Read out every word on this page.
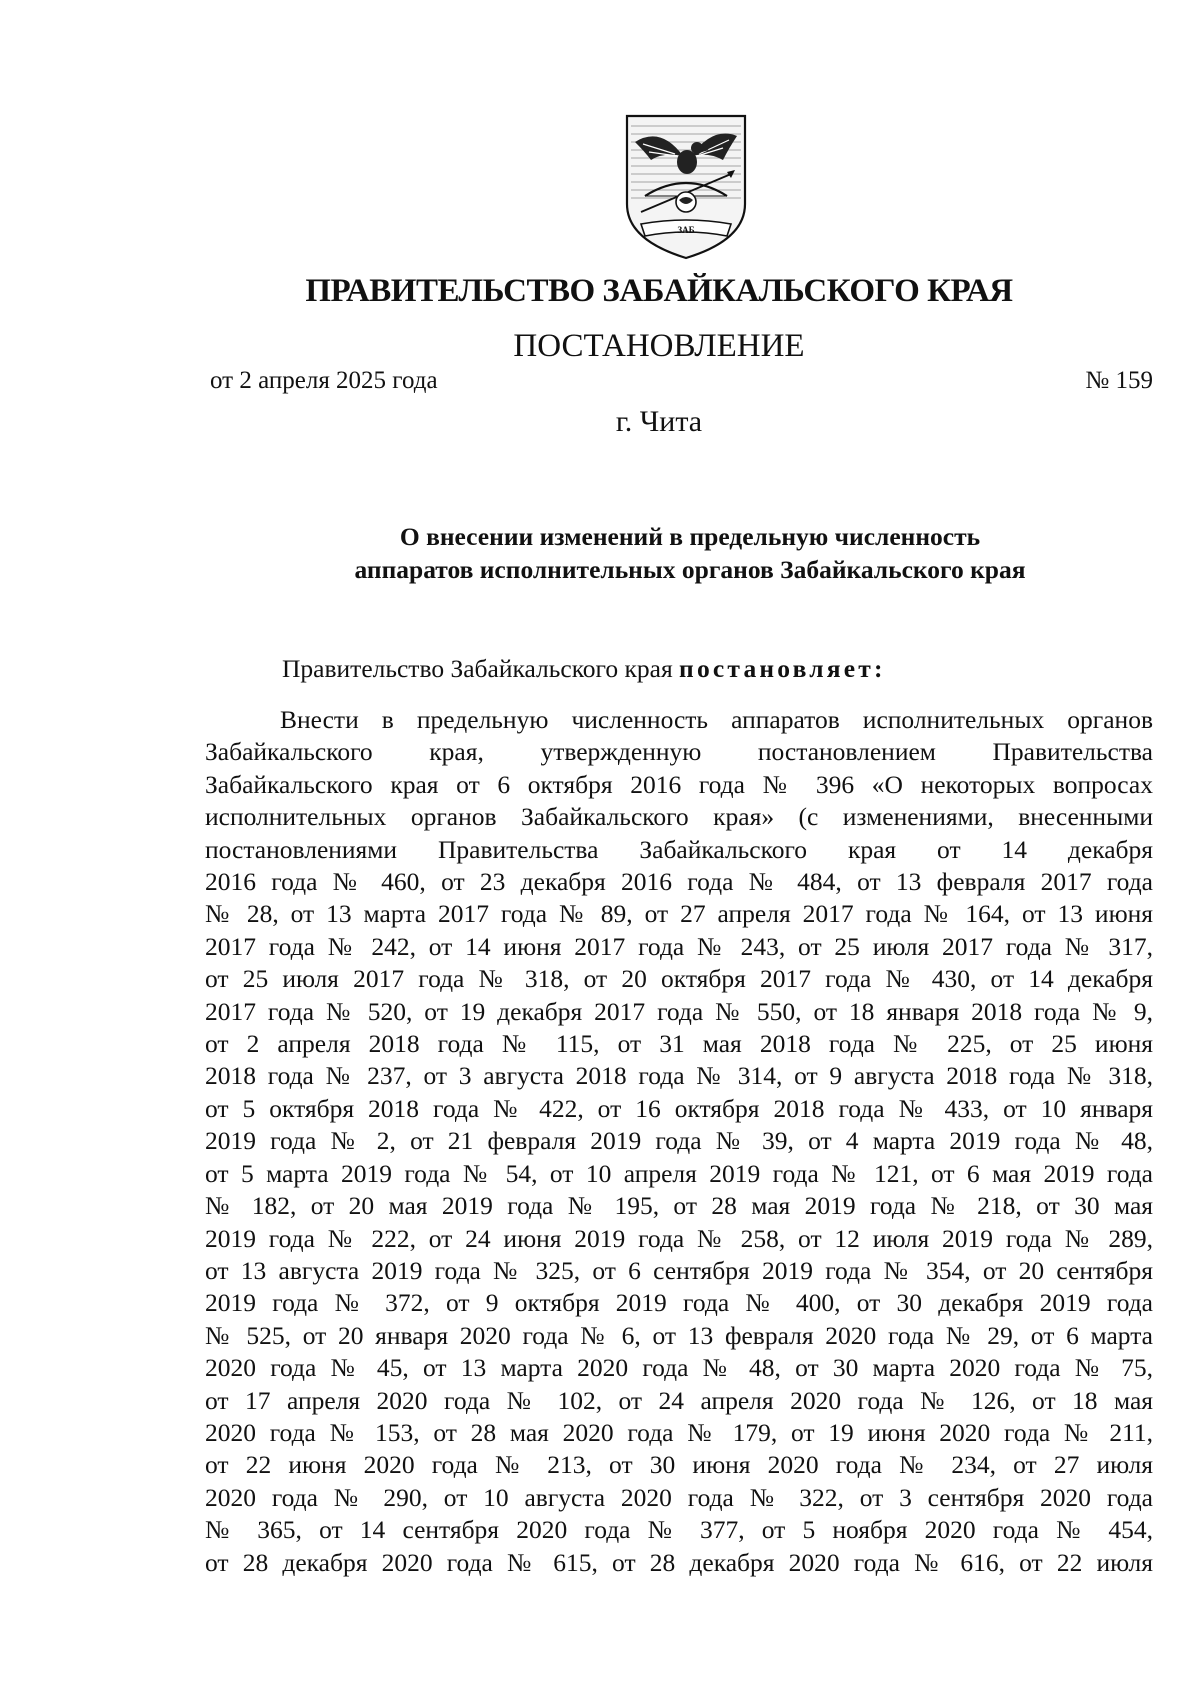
ЗАБ
ПРАВИТЕЛЬСТВО ЗАБАЙКАЛЬСКОГО КРАЯ
ПОСТАНОВЛЕНИЕ
от 2 апреля 2025 года	№ 159
г. Чита
О внесении изменений в предельную численность
аппаратов исполнительных органов Забайкальского края
Правительство Забайкальского края постановляет:
Внести в предельную численность аппаратов исполнительных органов
Забайкальского края, утвержденную постановлением Правительства
Забайкальского края от 6 октября 2016 года № 396 «О некоторых вопросах
исполнительных органов Забайкальского края» (с изменениями, внесенными
постановлениями Правительства Забайкальского края от 14 декабря
2016 года № 460, от 23 декабря 2016 года № 484, от 13 февраля 2017 года
№ 28, от 13 марта 2017 года № 89, от 27 апреля 2017 года № 164, от 13 июня
2017 года № 242, от 14 июня 2017 года № 243, от 25 июля 2017 года № 317,
от 25 июля 2017 года № 318, от 20 октября 2017 года № 430, от 14 декабря
2017 года № 520, от 19 декабря 2017 года № 550, от 18 января 2018 года № 9,
от 2 апреля 2018 года № 115, от 31 мая 2018 года № 225, от 25 июня
2018 года № 237, от 3 августа 2018 года № 314, от 9 августа 2018 года № 318,
от 5 октября 2018 года № 422, от 16 октября 2018 года № 433, от 10 января
2019 года № 2, от 21 февраля 2019 года № 39, от 4 марта 2019 года № 48,
от 5 марта 2019 года № 54, от 10 апреля 2019 года № 121, от 6 мая 2019 года
№ 182, от 20 мая 2019 года № 195, от 28 мая 2019 года № 218, от 30 мая
2019 года № 222, от 24 июня 2019 года № 258, от 12 июля 2019 года № 289,
от 13 августа 2019 года № 325, от 6 сентября 2019 года № 354, от 20 сентября
2019 года № 372, от 9 октября 2019 года № 400, от 30 декабря 2019 года
№ 525, от 20 января 2020 года № 6, от 13 февраля 2020 года № 29, от 6 марта
2020 года № 45, от 13 марта 2020 года № 48, от 30 марта 2020 года № 75,
от 17 апреля 2020 года № 102, от 24 апреля 2020 года № 126, от 18 мая
2020 года № 153, от 28 мая 2020 года № 179, от 19 июня 2020 года № 211,
от 22 июня 2020 года № 213, от 30 июня 2020 года № 234, от 27 июля
2020 года № 290, от 10 августа 2020 года № 322, от 3 сентября 2020 года
№ 365, от 14 сентября 2020 года № 377, от 5 ноября 2020 года № 454,
от 28 декабря 2020 года № 615, от 28 декабря 2020 года № 616, от 22 июля
